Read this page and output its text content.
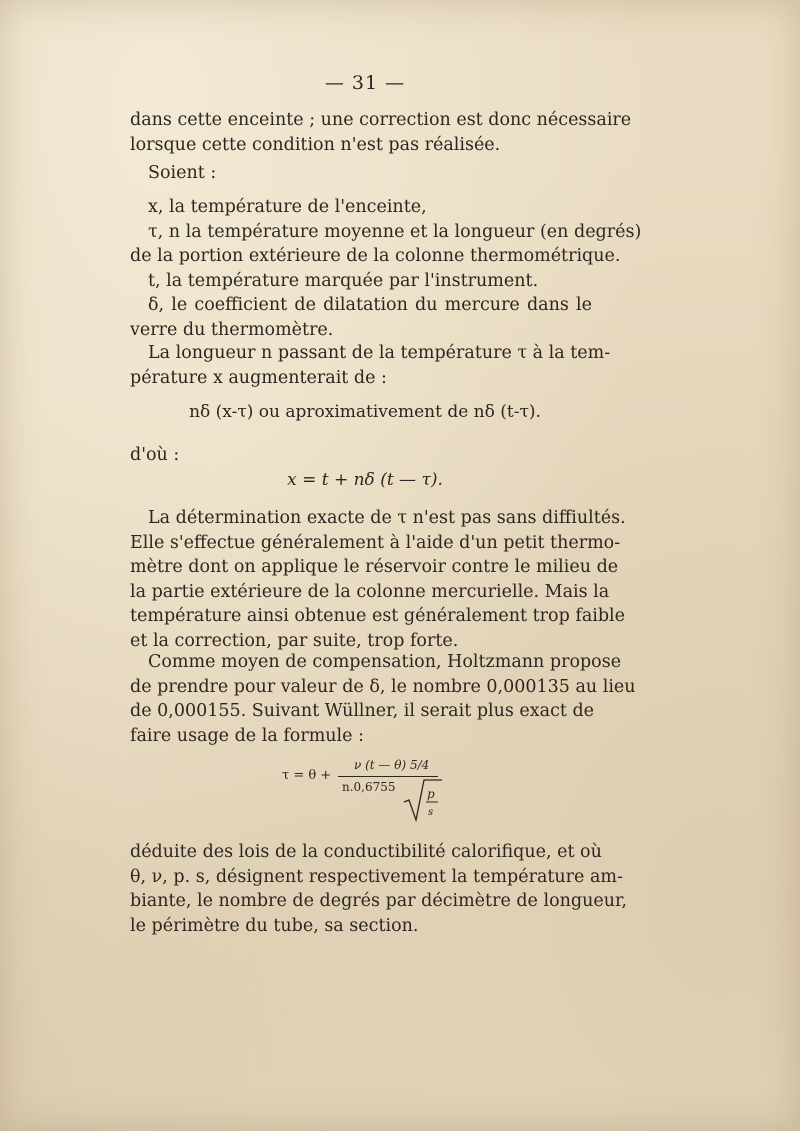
— 31 —
dans cette enceinte ; une correction est donc nécessaire
lorsque cette condition n'est pas réalisée.
Soient :
x, la température de l'enceinte,
τ, n la température moyenne et la longueur (en degrés)
de la portion extérieure de la colonne thermométrique.
t, la température marquée par l'instrument.
δ, le coefficient de dilatation du mercure dans le
verre du thermomètre.
La longueur n passant de la température τ à la tem-
pérature x augmenterait de :
nδ (x-τ) ou aproximativement de nδ (t-τ).
d'où :
x = t + nδ (t — τ).
La détermination exacte de τ n'est pas sans diffiultés.
Elle s'effectue généralement à l'aide d'un petit thermo-
mètre dont on applique le réservoir contre le milieu de
la partie extérieure de la colonne mercurielle. Mais la
température ainsi obtenue est généralement trop faible
et la correction, par suite, trop forte.
Comme moyen de compensation, Holtzmann propose
de prendre pour valeur de δ, le nombre 0,000135 au lieu
de 0,000155. Suivant Wüllner, il serait plus exact de
faire usage de la formule :
τ = θ +
ν (t — θ) 5/4
n.0,6755	p
s
déduite des lois de la conductibilité calorifique, et où
θ, ν, p. s, désignent respectivement la température am-
biante, le nombre de degrés par décimètre de longueur,
le périmètre du tube, sa section.
